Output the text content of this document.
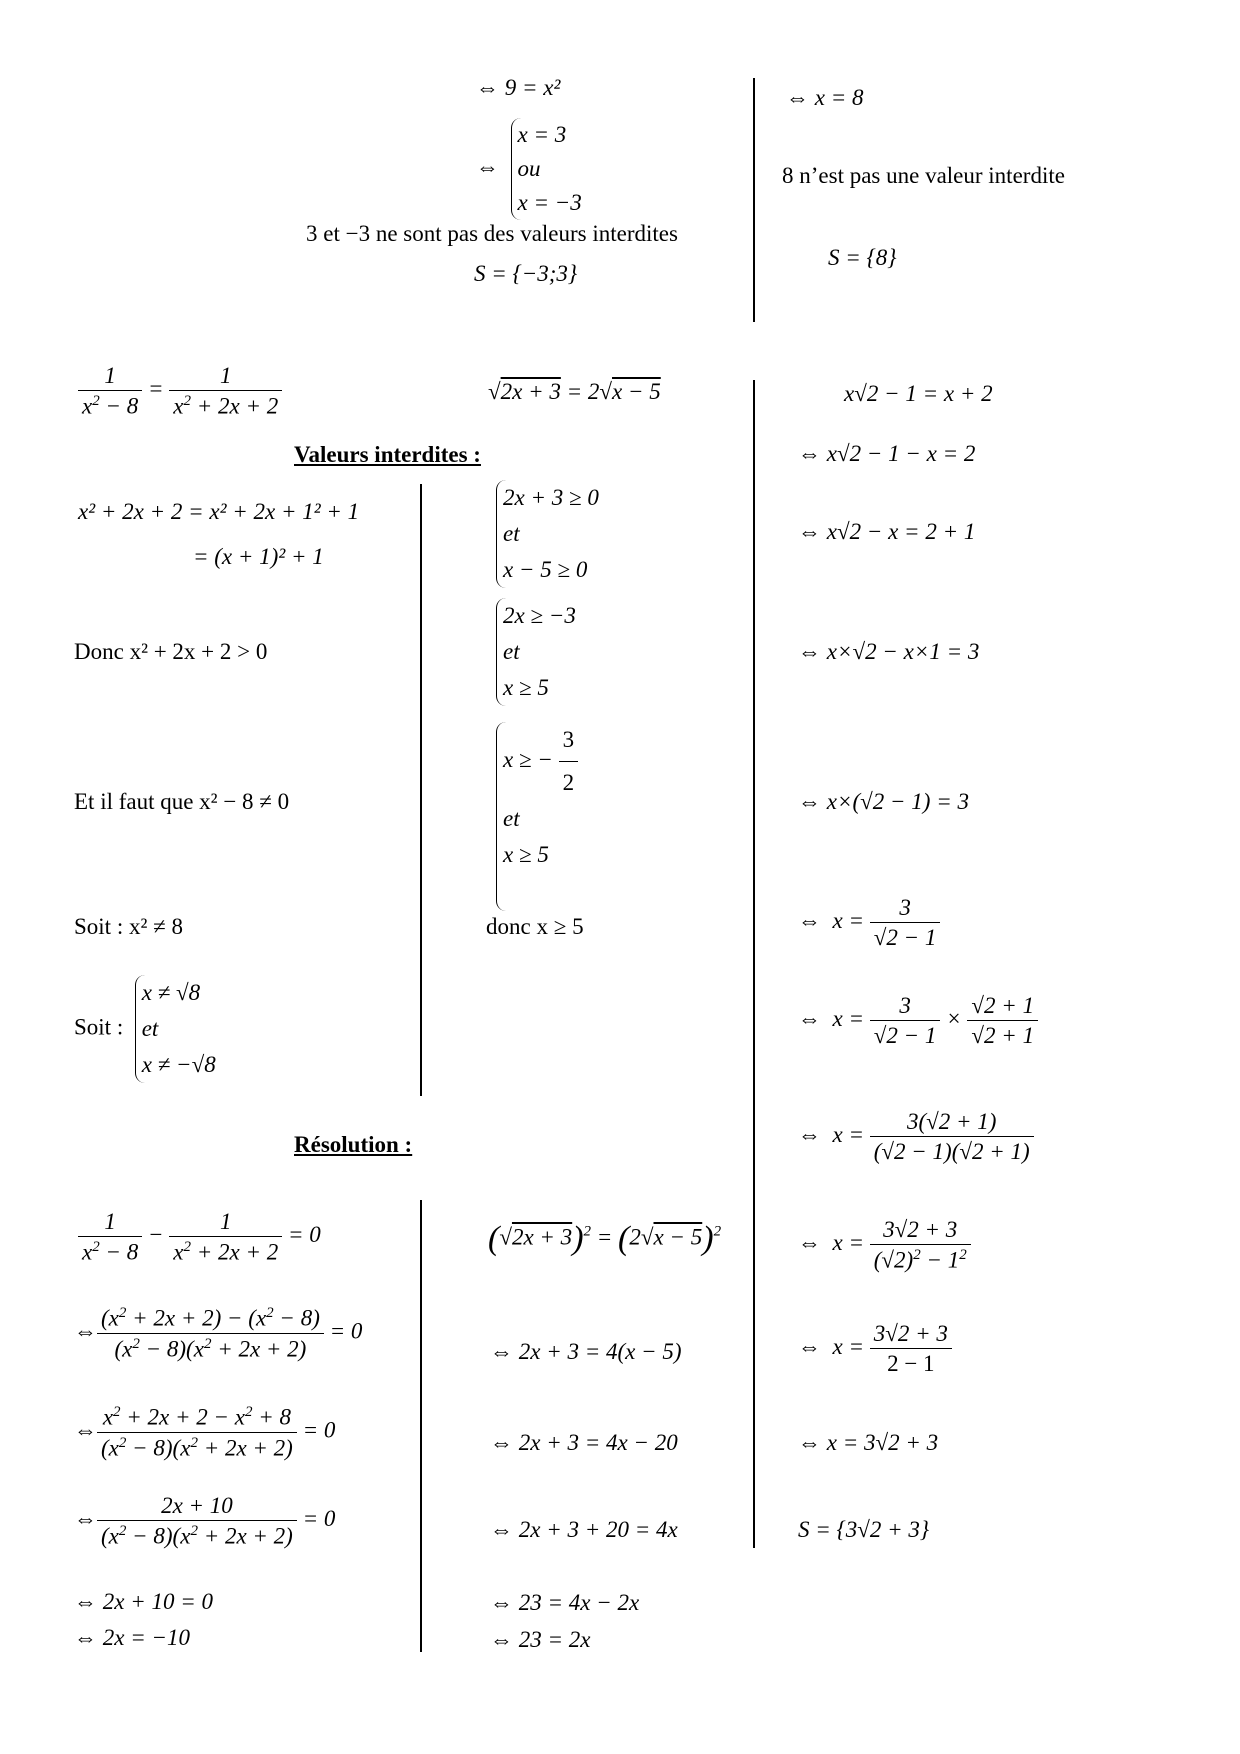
⇔ 9 = x²
⇔
x = 3
ou
x = −3
3 et −3 ne sont pas des valeurs interdites
S = {−3;3}
⇔ x = 8
8 n’est pas une valeur interdite
S = {8}
$\frac{1}{x^2 - 8} = \frac{1}{x^2 + 2x + 2}$
Valeurs interdites :
x² + 2x + 2 = x² + 2x + 1² + 1
= (x + 1)² + 1
Donc x² + 2x + 2 > 0
Et il faut que x² − 8 ≠ 0
Soit : x² ≠ 8
Soit :
x ≠ √8
et
x ≠ −√8
Résolution :
$\frac{1}{x^2 - 8} - \frac{1}{x^2 + 2x + 2} = 0$
⇔ $\frac{(x^2 + 2x + 2) - (x^2 - 8)}{(x^2 - 8)(x^2 + 2x + 2)} = 0$
⇔ $\frac{x^2 + 2x + 2 - x^2 + 8}{(x^2 - 8)(x^2 + 2x + 2)} = 0$
⇔ $\frac{2x + 10}{(x^2 - 8)(x^2 + 2x + 2)} = 0$
⇔ 2x + 10 = 0
⇔ 2x = −10
√2x + 3 = 2√x − 5
2x + 3 ≥ 0
et
x − 5 ≥ 0
2x ≥ −3
et
x ≥ 5
x ≥ − $\frac{3}{2}$
et
x ≥ 5
donc x ≥ 5
$(√2x + 3)^2 = (2√x - 5)^2$
⇔ 2x + 3 = 4(x − 5)
⇔ 2x + 3 = 4x − 20
⇔ 2x + 3 + 20 = 4x
⇔ 23 = 4x − 2x
⇔ 23 = 2x
x√2 − 1 = x + 2
⇔ x√2 − 1 − x = 2
⇔ x√2 − x = 2 + 1
⇔ x×√2 − x×1 = 3
⇔ x×(√2 − 1) = 3
⇔  $x = \frac{3}{√2 - 1}$
⇔  $x = \frac{3}{√2 - 1} \times \frac{√2 + 1}{√2 + 1}$
⇔  $x = \frac{3(√2 + 1)}{(√2 - 1)(√2 + 1)}$
⇔  $x = \frac{3√2 + 3}{(√2)^2 - 1^2}$
⇔  $x = \frac{3√2 + 3}{2 - 1}$
⇔ x = 3√2 + 3
S = {3√2 + 3}
